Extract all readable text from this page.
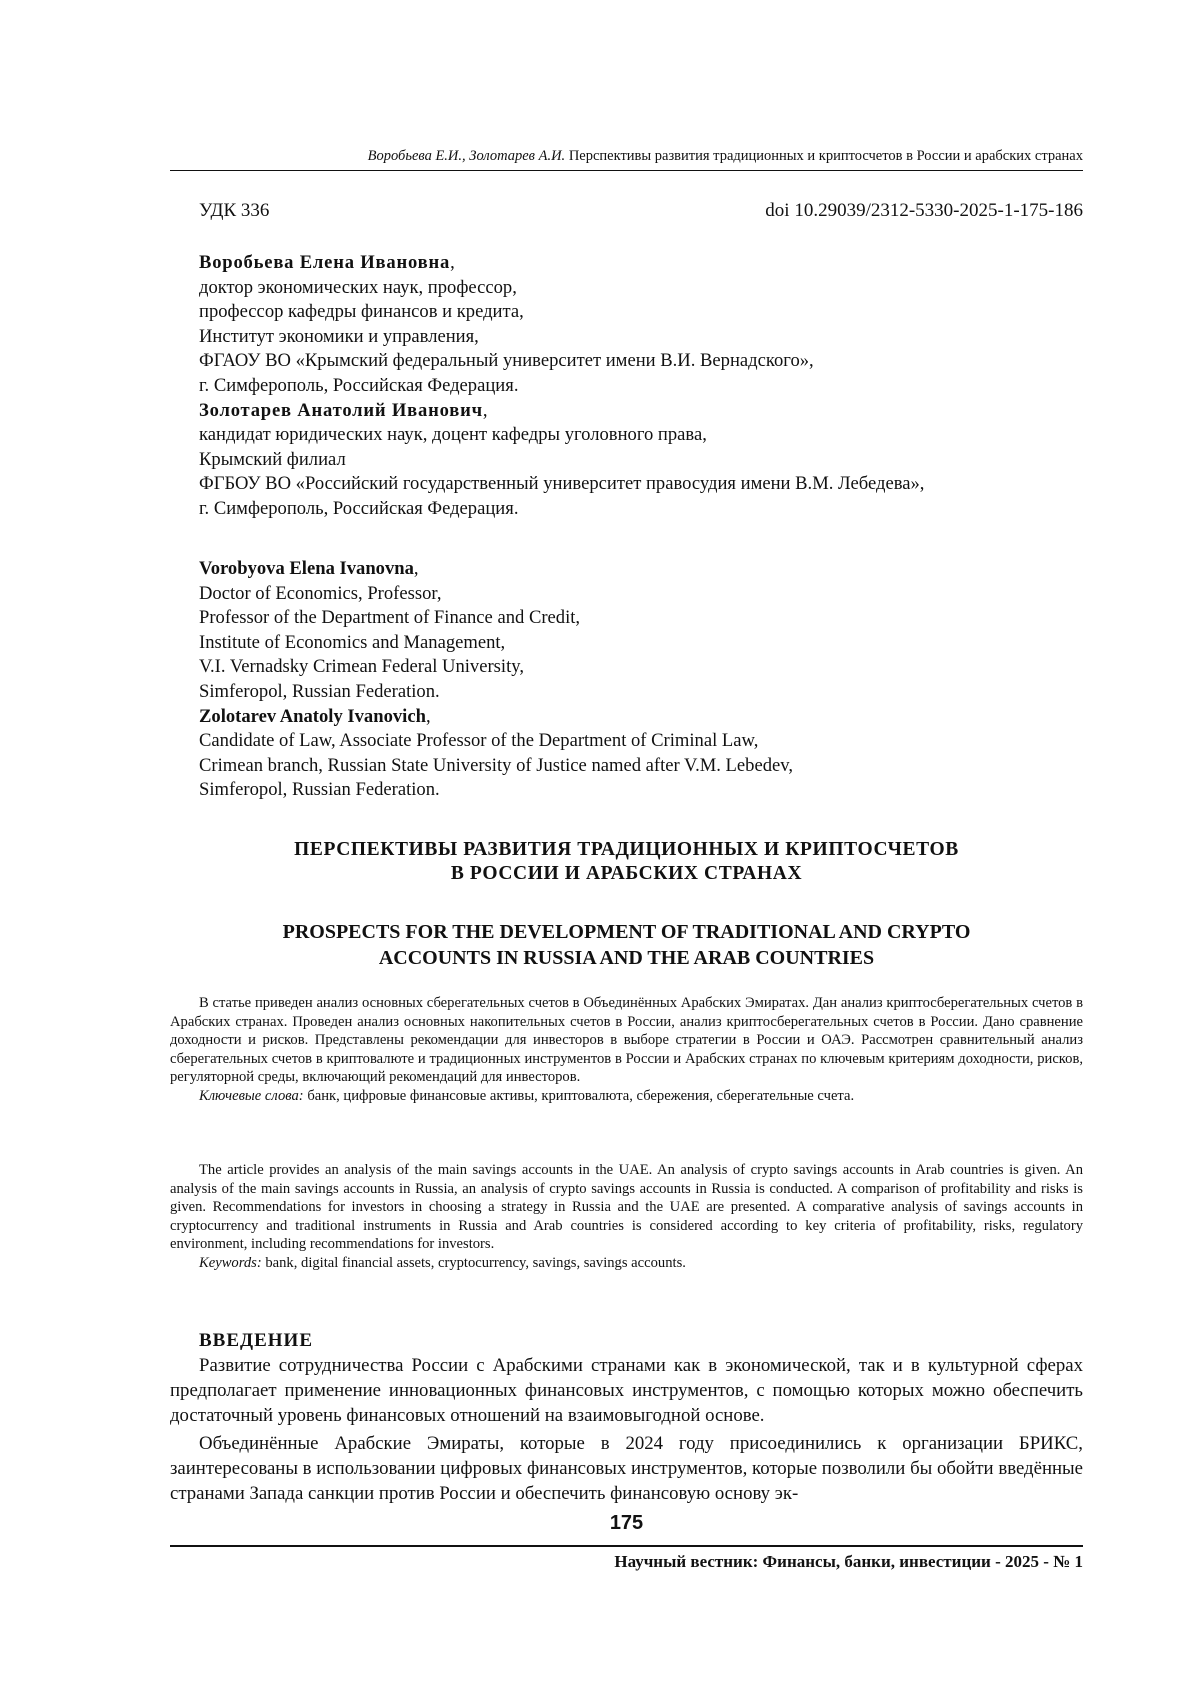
Воробьева Е.И., Золотарев А.И. Перспективы развития традиционных и криптосчетов в России и арабских странах
УДК 336	doi 10.29039/2312-5330-2025-1-175-186
Воробьева Елена Ивановна,
доктор экономических наук, профессор,
профессор кафедры финансов и кредита,
Институт экономики и управления,
ФГАОУ ВО «Крымский федеральный университет имени В.И. Вернадского»,
г. Симферополь, Российская Федерация.
Золотарев Анатолий Иванович,
кандидат юридических наук, доцент кафедры уголовного права,
Крымский филиал
ФГБОУ ВО «Российский государственный университет правосудия имени В.М. Лебедева»,
г. Симферополь, Российская Федерация.
Vorobyova Elena Ivanovna,
Doctor of Economics, Professor,
Professor of the Department of Finance and Credit,
Institute of Economics and Management,
V.I. Vernadsky Crimean Federal University,
Simferopol, Russian Federation.
Zolotarev Anatoly Ivanovich,
Candidate of Law, Associate Professor of the Department of Criminal Law,
Crimean branch, Russian State University of Justice named after V.M. Lebedev,
Simferopol, Russian Federation.
ПЕРСПЕКТИВЫ РАЗВИТИЯ ТРАДИЦИОННЫХ И КРИПТОСЧЕТОВ
В РОССИИ И АРАБСКИХ СТРАНАХ
PROSPECTS FOR THE DEVELOPMENT OF TRADITIONAL AND CRYPTO
ACCOUNTS IN RUSSIA AND THE ARAB COUNTRIES

В статье приведен анализ основных сберегательных счетов в Объединённых Арабских Эмиратах. Дан анализ криптосберегательных счетов в Арабских странах. Проведен анализ основных накопительных счетов в России, анализ криптосберегательных счетов в России. Дано сравнение доходности и рисков. Представлены рекомендации для инвесторов в выборе стратегии в России и ОАЭ. Рассмотрен сравнительный анализ сберегательных счетов в криптовалюте и традиционных инструментов в России и Арабских странах по ключевым критериям доходности, рисков, регуляторной среды, включающий рекомендаций для инвесторов.

Ключевые слова: банк, цифровые финансовые активы, криптовалюта, сбережения, сберегательные счета.

The article provides an analysis of the main savings accounts in the UAE. An analysis of crypto savings accounts in Arab countries is given. An analysis of the main savings accounts in Russia, an analysis of crypto savings accounts in Russia is conducted. A comparison of profitability and risks is given. Recommendations for investors in choosing a strategy in Russia and the UAE are presented. A comparative analysis of savings accounts in cryptocurrency and traditional instruments in Russia and Arab countries is considered according to key criteria of profitability, risks, regulatory environment, including recommendations for investors.

Keywords: bank, digital financial assets, cryptocurrency, savings, savings accounts.

ВВЕДЕНИЕ

Развитие сотрудничества России с Арабскими странами как в экономической, так и в культурной сферах предполагает применение инновационных финансовых инструментов, с помощью которых можно обеспечить достаточный уровень финансовых отношений на взаимовыгодной основе.

Объединённые Арабские Эмираты, которые в 2024 году присоединились к организации БРИКС, заинтересованы в использовании цифровых финансовых инструментов, которые позволили бы обойти введённые странами Запада санкции против России и обеспечить финансовую основу эк-

175
Научный вестник: Финансы, банки, инвестиции - 2025 - № 1
